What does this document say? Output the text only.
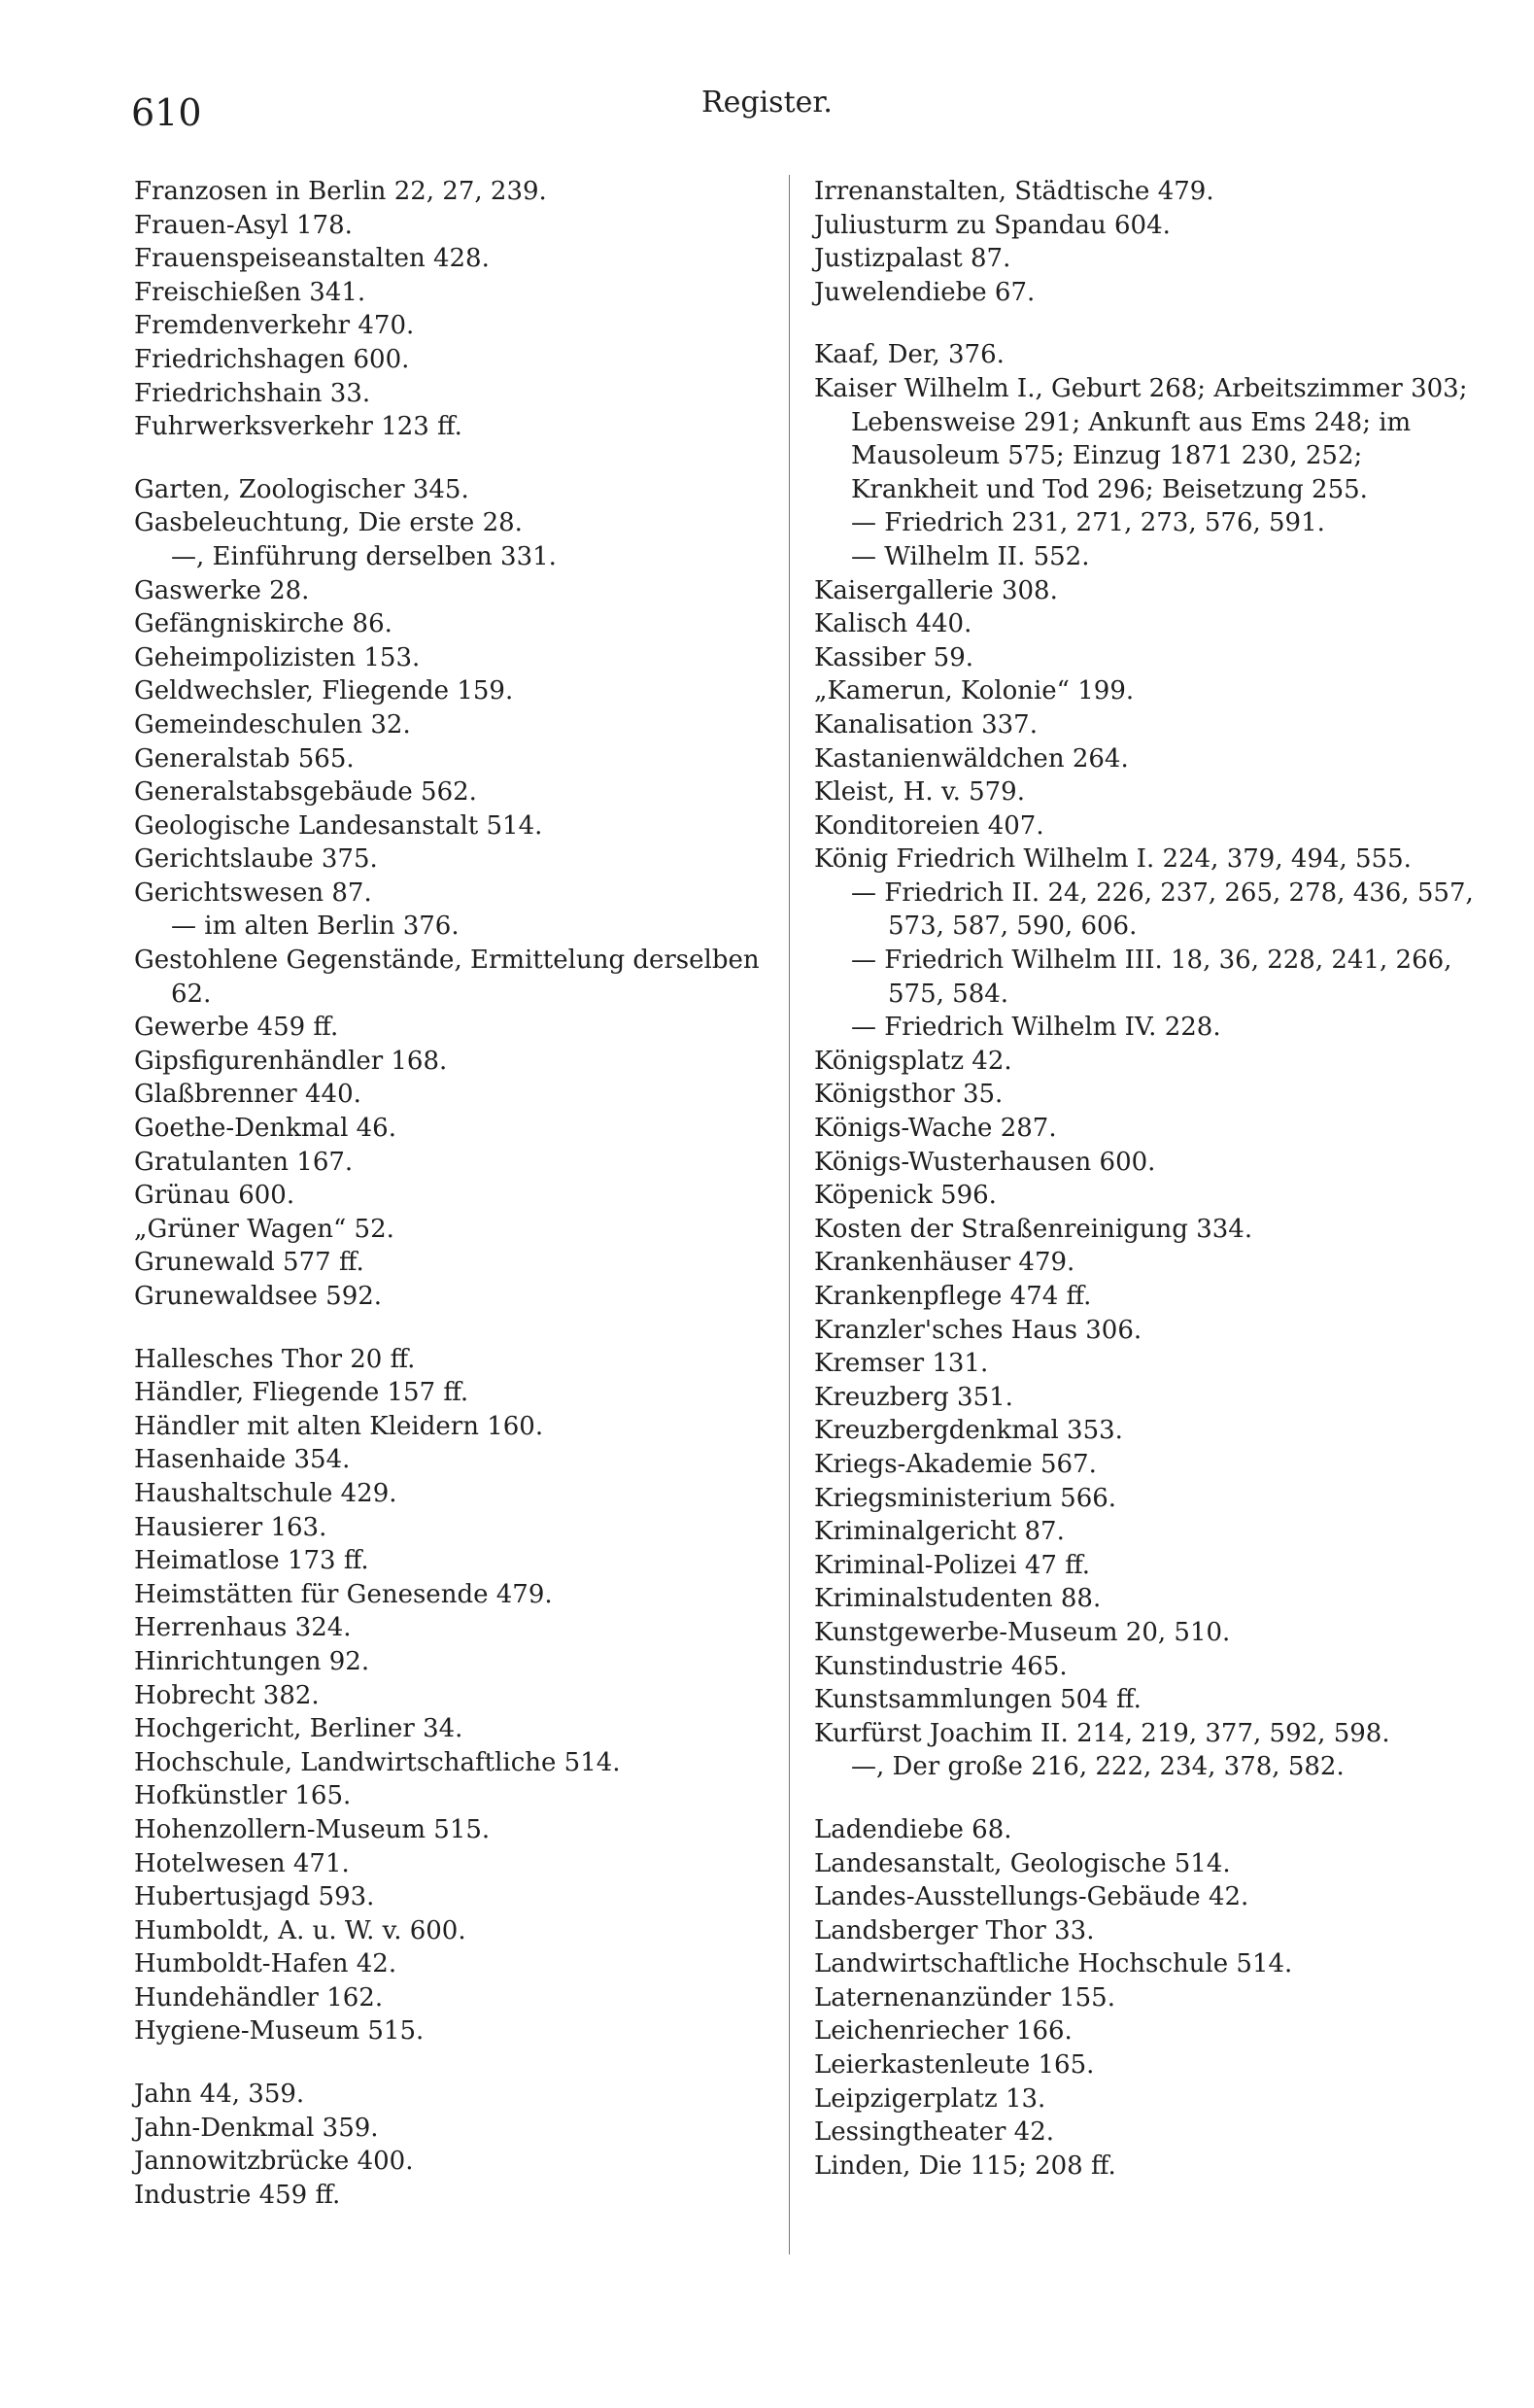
610	Register.
Franzosen in Berlin 22, 27, 239.
Frauen-Asyl 178.
Frauenspeiseanstalten 428.
Freischießen 341.
Fremdenverkehr 470.
Friedrichshagen 600.
Friedrichshain 33.
Fuhrwerksverkehr 123 ff.
Garten, Zoologischer 345.
Gasbeleuchtung, Die erste 28.
—, Einführung derselben 331.
Gaswerke 28.
Gefängniskirche 86.
Geheimpolizisten 153.
Geldwechsler, Fliegende 159.
Gemeindeschulen 32.
Generalstab 565.
Generalstabsgebäude 562.
Geologische Landesanstalt 514.
Gerichtslaube 375.
Gerichtswesen 87.
— im alten Berlin 376.
Gestohlene Gegenstände, Ermittelung derselben 62.
Gewerbe 459 ff.
Gipsfigurenhändler 168.
Glaßbrenner 440.
Goethe-Denkmal 46.
Gratulanten 167.
Grünau 600.
„Grüner Wagen“ 52.
Grunewald 577 ff.
Grunewaldsee 592.
Hallesches Thor 20 ff.
Händler, Fliegende 157 ff.
Händler mit alten Kleidern 160.
Hasenhaide 354.
Haushaltschule 429.
Hausierer 163.
Heimatlose 173 ff.
Heimstätten für Genesende 479.
Herrenhaus 324.
Hinrichtungen 92.
Hobrecht 382.
Hochgericht, Berliner 34.
Hochschule, Landwirtschaftliche 514.
Hofkünstler 165.
Hohenzollern-Museum 515.
Hotelwesen 471.
Hubertusjagd 593.
Humboldt, A. u. W. v. 600.
Humboldt-Hafen 42.
Hundehändler 162.
Hygiene-Museum 515.
Jahn 44, 359.
Jahn-Denkmal 359.
Jannowitzbrücke 400.
Industrie 459 ff.
Irrenanstalten, Städtische 479.
Juliusturm zu Spandau 604.
Justizpalast 87.
Juwelendiebe 67.
Kaaf, Der, 376.
Kaiser Wilhelm I., Geburt 268; Arbeitszimmer 303; Lebensweise 291; Ankunft aus Ems 248; im Mausoleum 575; Einzug 1871 230, 252; Krankheit und Tod 296; Beisetzung 255.
— Friedrich 231, 271, 273, 576, 591.
— Wilhelm II. 552.
Kaisergallerie 308.
Kalisch 440.
Kassiber 59.
„Kamerun, Kolonie“ 199.
Kanalisation 337.
Kastanienwäldchen 264.
Kleist, H. v. 579.
Konditoreien 407.
König Friedrich Wilhelm I. 224, 379, 494, 555.
— Friedrich II. 24, 226, 237, 265, 278, 436, 557, 573, 587, 590, 606.
— Friedrich Wilhelm III. 18, 36, 228, 241, 266, 575, 584.
— Friedrich Wilhelm IV. 228.
Königsplatz 42.
Königsthor 35.
Königs-Wache 287.
Königs-Wusterhausen 600.
Köpenick 596.
Kosten der Straßenreinigung 334.
Krankenhäuser 479.
Krankenpflege 474 ff.
Kranzler'sches Haus 306.
Kremser 131.
Kreuzberg 351.
Kreuzbergdenkmal 353.
Kriegs-Akademie 567.
Kriegsministerium 566.
Kriminalgericht 87.
Kriminal-Polizei 47 ff.
Kriminalstudenten 88.
Kunstgewerbe-Museum 20, 510.
Kunstindustrie 465.
Kunstsammlungen 504 ff.
Kurfürst Joachim II. 214, 219, 377, 592, 598.
—, Der große 216, 222, 234, 378, 582.
Ladendiebe 68.
Landesanstalt, Geologische 514.
Landes-Ausstellungs-Gebäude 42.
Landsberger Thor 33.
Landwirtschaftliche Hochschule 514.
Laternenanzünder 155.
Leichenriecher 166.
Leierkastenleute 165.
Leipzigerplatz 13.
Lessingtheater 42.
Linden, Die 115; 208 ff.
